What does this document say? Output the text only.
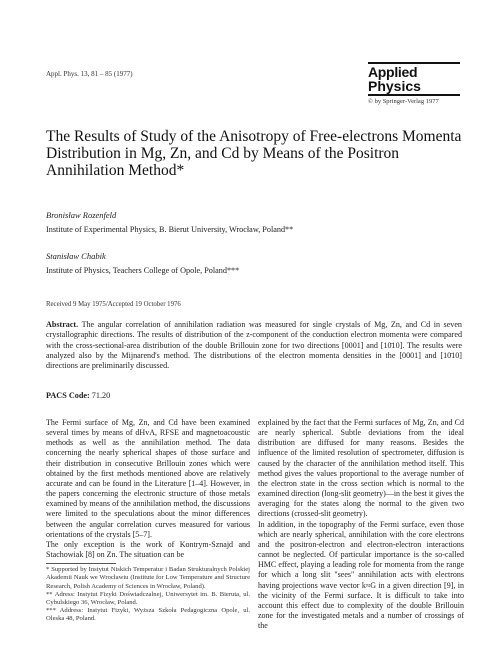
Appl. Phys. 13, 81 – 85 (1977)	Applied
Physics
© by Springer-Verlag 1977
The Results of Study of the Anisotropy of Free-electrons Momenta Distribution in Mg, Zn, and Cd by Means of the Positron Annihilation Method*
Bronisław Rozenfeld
Institute of Experimental Physics, B. Bierut University, Wrocław, Poland**
Stanisław Chabik
Institute of Physics, Teachers College of Opole, Poland***
Received 9 May 1975/Accepted 19 October 1976

Abstract. The angular correlation of annihilation radiation was measured for single crystals of Mg, Zn, and Cd in seven crystallographic directions. The results of distribution of the z-component of the conduction electron momenta were compared with the cross-sectional-area distribution of the double Brillouin zone for two directions [0001] and [10̄10]. The results were analyzed also by the Mijnarend's method. The distributions of the electron momenta densities in the [0001] and [10̄10] directions are preliminarily discussed.

PACS Code: 71.20

The Fermi surface of Mg, Zn, and Cd have been examined several times by means of dHvA, RFSE and magnetoacoustic methods as well as the annihilation method. The data concerning the nearly spherical shapes of those surface and their distribution in consecutive Brillouin zones which were obtained by the first methods mentioned above are relatively accurate and can be found in the Literature [1–4]. However, in the papers concerning the electronic structure of those metals examined by means of the annihilation method, the discussions were limited to the speculations about the minor differences between the angular correlation curves measured for various orientations of the crystals [5–7].

The only exception is the work of Kontrym-Sznajd and Stachowiak [8] on Zn. The situation can be

* Supported by Instytut Niskich Temperatur i Badan Strukturalnych Polskiej Akademii Nauk we Wrocławiu (Institute for Low Temperature and Structure Research, Polish Academy of Sciences in Wrocław, Poland).

** Adress: Instytut Fizyki Doświadczalnej, Uniwersytet im. B. Bieruta, ul. Cybulskiego 36, Wrocław, Poland.

*** Address: Instytut Fizyki, Wyższa Szkoła Pedagogiczna Opole, ul. Oleska 48, Poland.

explained by the fact that the Fermi surfaces of Mg, Zn, and Cd are nearly spherical. Subtle deviations from the ideal distribution are diffused for many reasons. Besides the influence of the limited resolution of spectrometer, diffusion is caused by the character of the annihilation method itself. This method gives the values proportional to the average number of the electron state in the cross section which is normal to the examined direction (long-slit geometry)—in the best it gives the averaging for the states along the normal to the given two directions (crossed-slit geometry).

In addition, in the topography of the Fermi surface, even those which are nearly spherical, annihilation with the core electrons and the positron-electron and electron-electron interactions cannot be neglected. Of particular importance is the so-called HMC effect, playing a leading role for momenta from the range for which a long slit "sees" annihilation acts with electrons having projections wave vector k≈G in a given direction [9], in the vicinity of the Fermi surface. It is difficult to take into account this effect due to complexity of the double Brillouin zone for the investigated metals and a number of crossings of the
